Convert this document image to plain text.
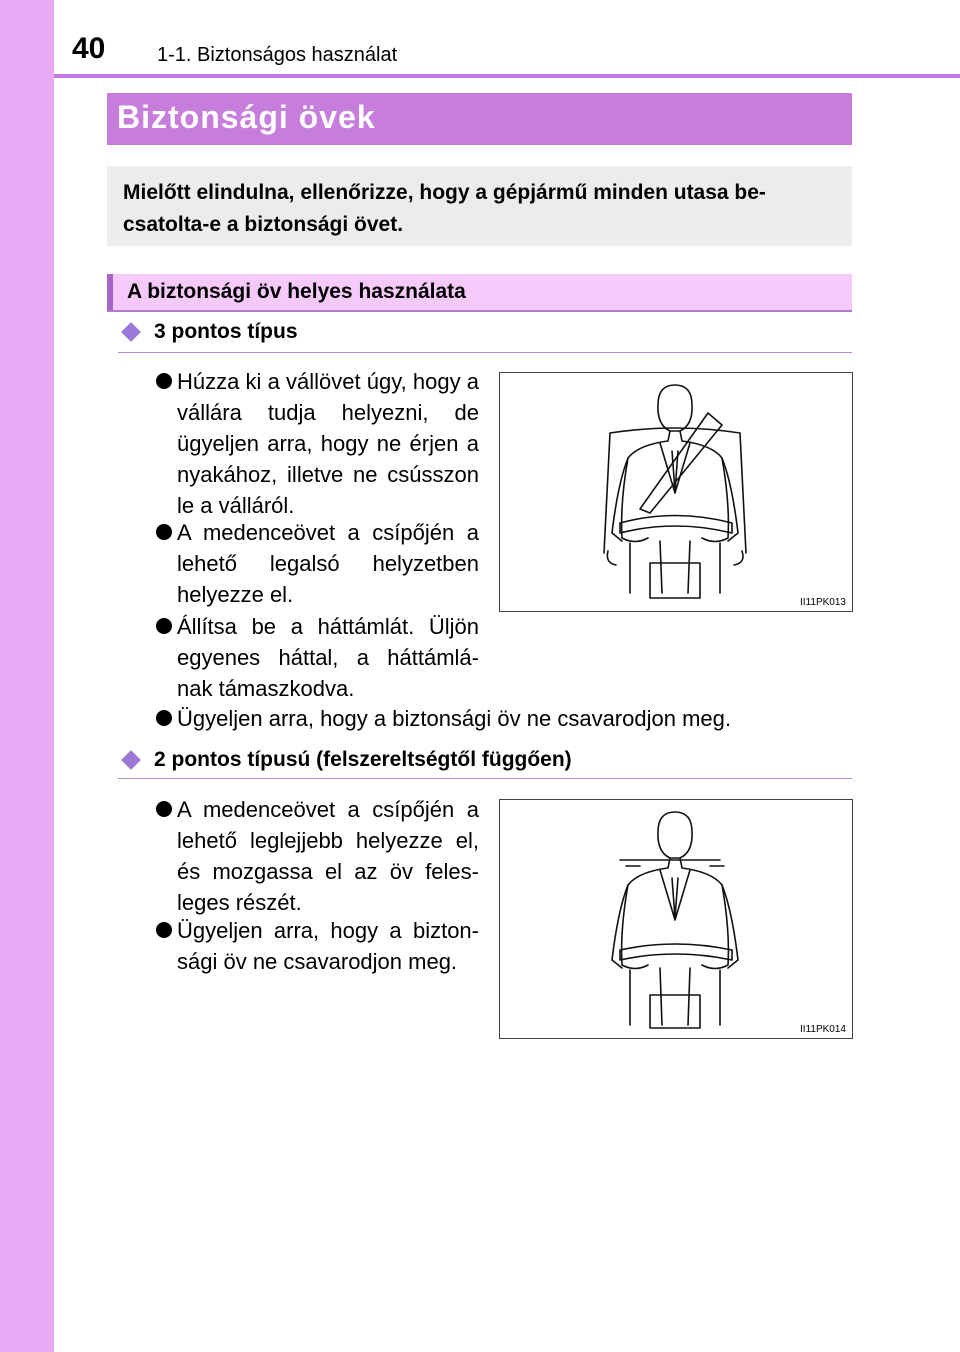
40	1-1. Biztonságos használat
Biztonsági övek

Mielőtt elindulna, ellenőrizze, hogy a gépjármű minden utasa be- csatolta-e a biztonsági övet.

A biztonsági öv helyes használata
3 pontos típus
Húzza ki a vállövet úgy, hogy a vállára tudja helyezni, de ügyeljen arra, hogy ne érjen a nyakához, illetve ne csússzon le a válláról.
A medenceövet a csípőjén a lehető legalsó helyzetben helyezze el.
Állítsa be a háttámlát. Üljön egyenes háttal, a háttámlá- nak támaszkodva.
Ügyeljen arra, hogy a biztonsági öv ne csavarodjon meg.
II11PK013
2 pontos típusú (felszereltségtől függően)
A medenceövet a csípőjén a lehető leglejjebb helyezze el, és mozgassa el az öv feles- leges részét.
Ügyeljen arra, hogy a bizton- sági öv ne csavarodjon meg.
II11PK014
